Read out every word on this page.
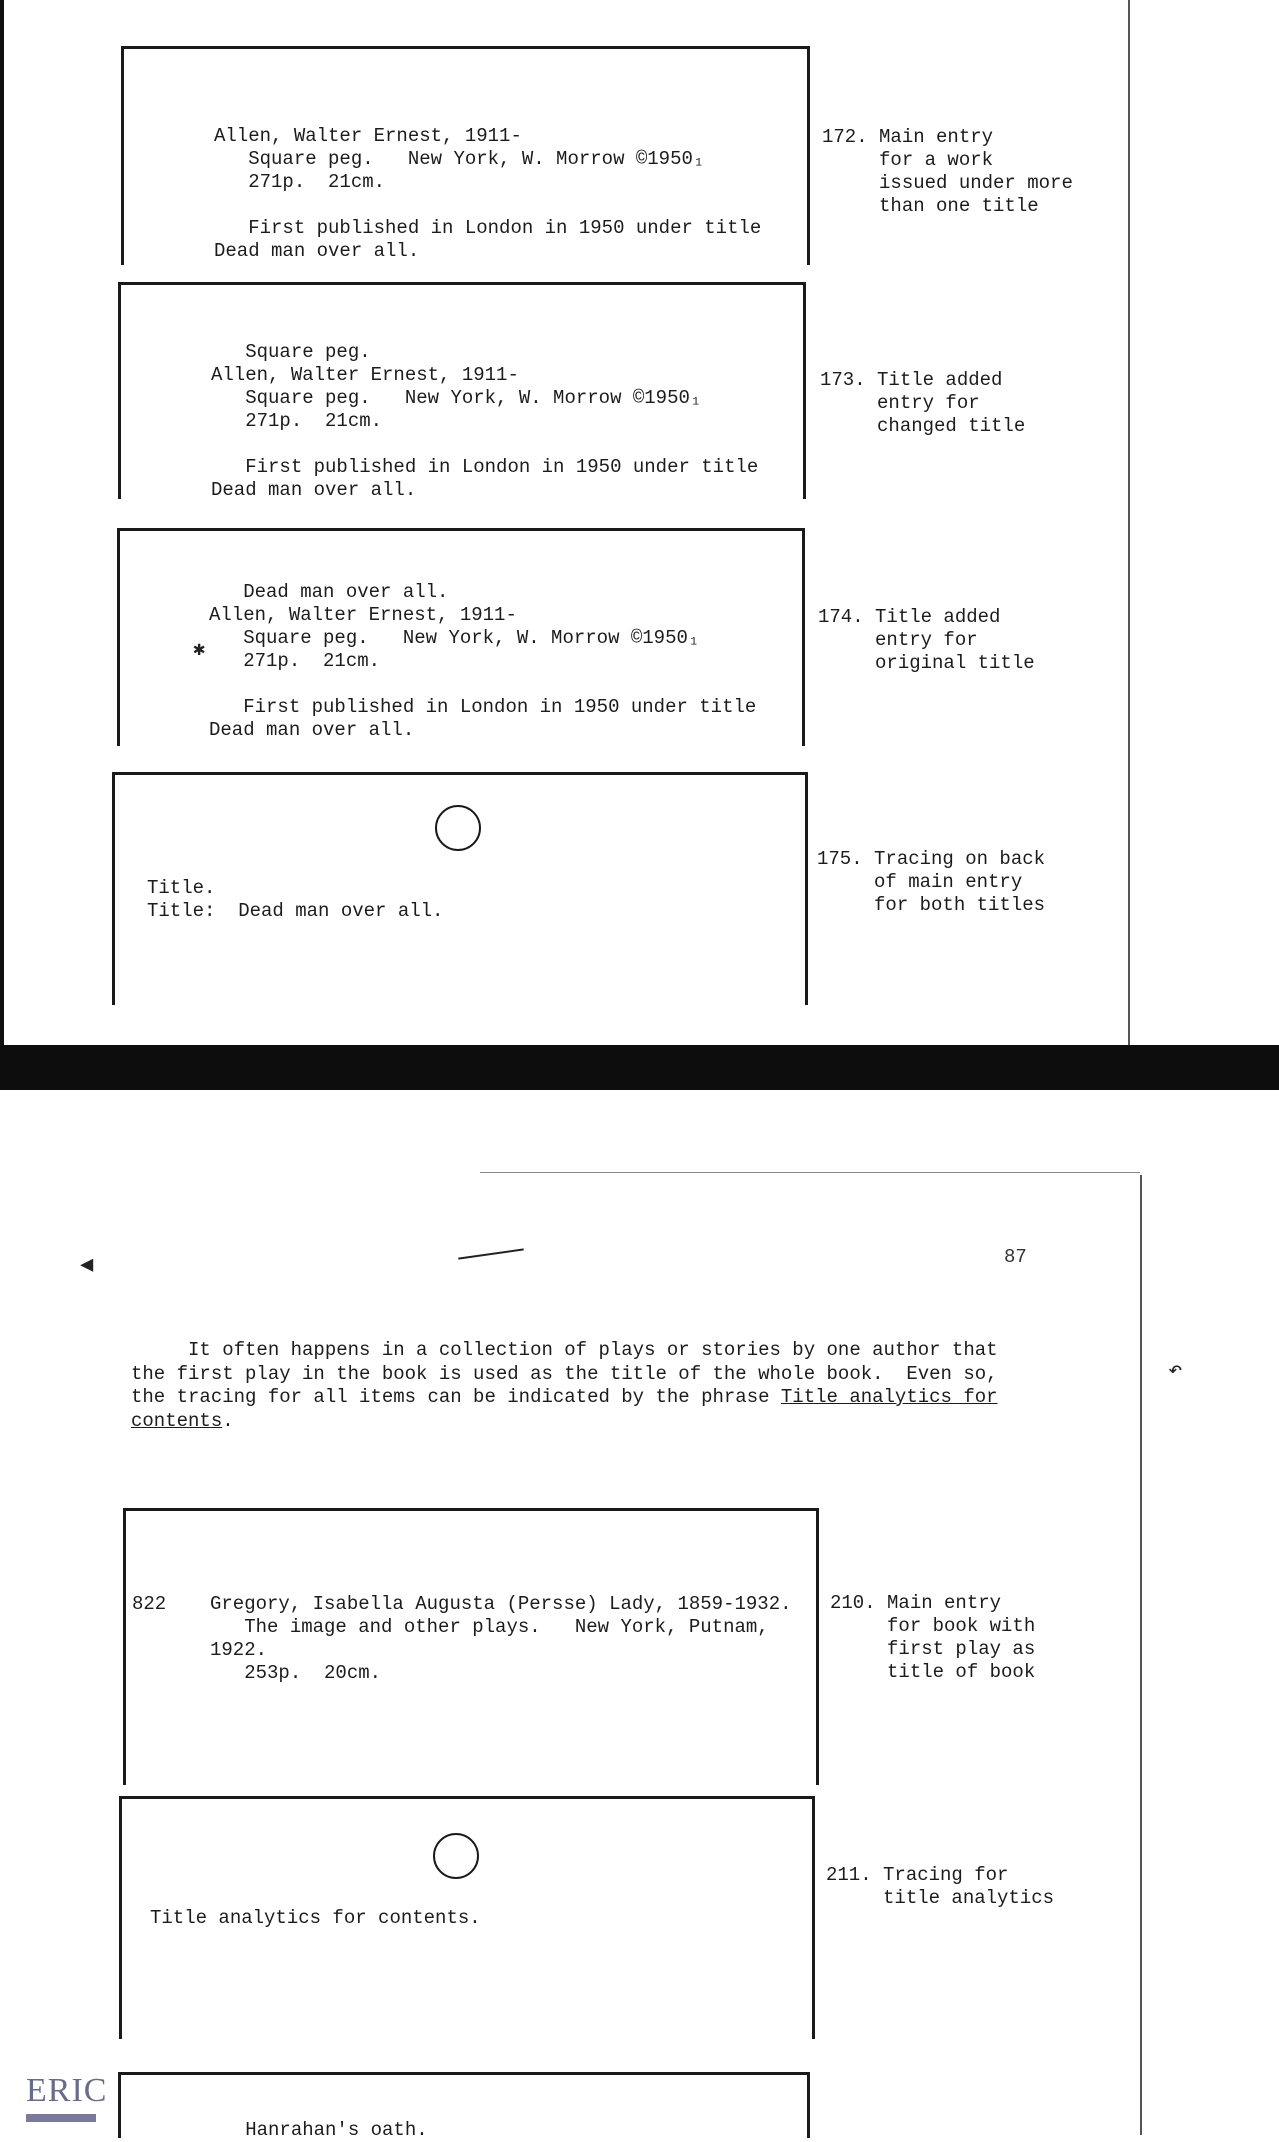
Allen, Walter Ernest, 1911-
Square peg.   New York, W. Morrow ©1950₁
271p.  21cm.

First published in London in 1950 under title
Dead man over all.
172. Main entry
for a work
issued under more
than one title
Square peg.
Allen, Walter Ernest, 1911-
Square peg.   New York, W. Morrow ©1950₁
271p.  21cm.

First published in London in 1950 under title
Dead man over all.
173. Title added
entry for
changed title
Dead man over all.
Allen, Walter Ernest, 1911-
Square peg.   New York, W. Morrow ©1950₁
271p.  21cm.

First published in London in 1950 under title
Dead man over all.
✱
174. Title added
entry for
original title
Title.
Title:  Dead man over all.
175. Tracing on back
of main entry
for both titles
◀
↶
87
It often happens in a collection of plays or stories by one author that
the first play in the book is used as the title of the whole book.  Even so,
the tracing for all items can be indicated by the phrase Title analytics for
contents.
822 Gregory, Isabella Augusta (Persse) Lady, 1859-1932.
The image and other plays.   New York, Putnam,
1922.
253p.  20cm.
210. Main entry
for book with
first play as
title of book
Title analytics for contents.
211. Tracing for
title analytics
Hanrahan's oath.
ERIC
